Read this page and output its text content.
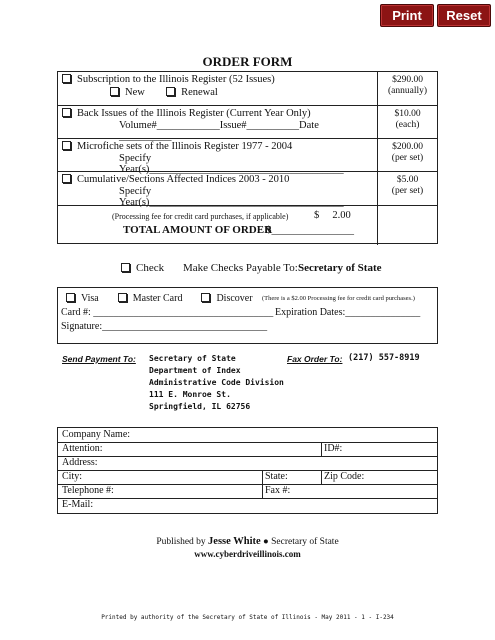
Print	Reset
ORDER FORM
Subscription to the Illinois Register (52 Issues)
New	Renewal
$290.00
(annually)
Back Issues of the Illinois Register (Current Year Only)
Volume#____________Issue#__________Date __________
$10.00
(each)
Microfiche sets of the Illinois Register 1977 - 2004
Specify Year(s)_____________________________________
$200.00
(per set)
Cumulative/Sections Affected Indices 2003 - 2010
Specify Year(s)_____________________________________
$5.00
(per set)
(Processing fee for credit card purchases, if applicable) $     2.00
TOTAL AMOUNT OF ORDER
$_______________
Check Make Checks Payable To: Secretary of State
Visa	Master Card	Discover (There is a $2.00 Processing fee for credit card purchases.)
Card #: ____________________________________ Expiration Dates:_______________
Signature:_________________________________
Send Payment To: Secretary of State
Department of Index
Administrative Code Division
111 E. Monroe St.
Springfield, IL 62756
Fax Order To: (217) 557-8919
Company Name:
Attention:	ID#:
Address:
City:	State:	Zip Code:
Telephone #:	Fax #:
E-Mail:
Published by Jesse White ● Secretary of State
www.cyberdriveillinois.com
Printed by authority of the Secretary of State of Illinois - May 2011 - 1 - I-234
